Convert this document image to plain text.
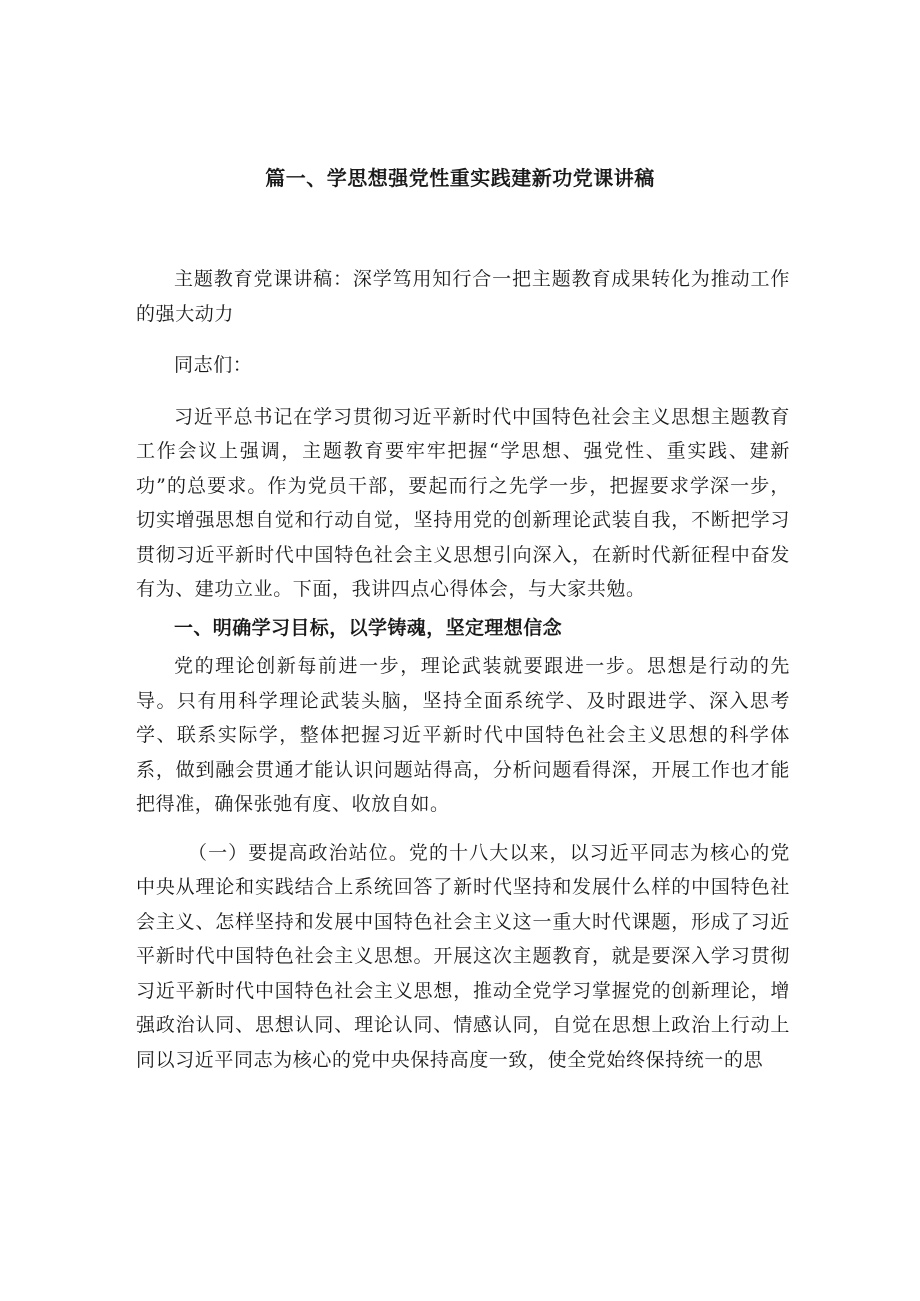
篇一、学思想强党性重实践建新功党课讲稿

主题教育党课讲稿：深学笃用知行合一把主题教育成果转化为推动工作的强大动力

同志们：

习近平总书记在学习贯彻习近平新时代中国特色社会主义思想主题教育工作会议上强调，主题教育要牢牢把握“学思想、强党性、重实践、建新功”的总要求。作为党员干部，要起而行之先学一步，把握要求学深一步，切实增强思想自觉和行动自觉，坚持用党的创新理论武装自我，不断把学习贯彻习近平新时代中国特色社会主义思想引向深入，在新时代新征程中奋发有为、建功立业。下面，我讲四点心得体会，与大家共勉。

一、明确学习目标，以学铸魂，坚定理想信念

党的理论创新每前进一步，理论武装就要跟进一步。思想是行动的先导。只有用科学理论武装头脑，坚持全面系统学、及时跟进学、深入思考学、联系实际学，整体把握习近平新时代中国特色社会主义思想的科学体系，做到融会贯通才能认识问题站得高，分析问题看得深，开展工作也才能把得准，确保张弛有度、收放自如。

（一）要提高政治站位。党的十八大以来，以习近平同志为核心的党中央从理论和实践结合上系统回答了新时代坚持和发展什么样的中国特色社会主义、怎样坚持和发展中国特色社会主义这一重大时代课题，形成了习近平新时代中国特色社会主义思想。开展这次主题教育，就是要深入学习贯彻习近平新时代中国特色社会主义思想，推动全党学习掌握党的创新理论，增强政治认同、思想认同、理论认同、情感认同，自觉在思想上政治上行动上同以习近平同志为核心的党中央保持高度一致，使全党始终保持统一的思
